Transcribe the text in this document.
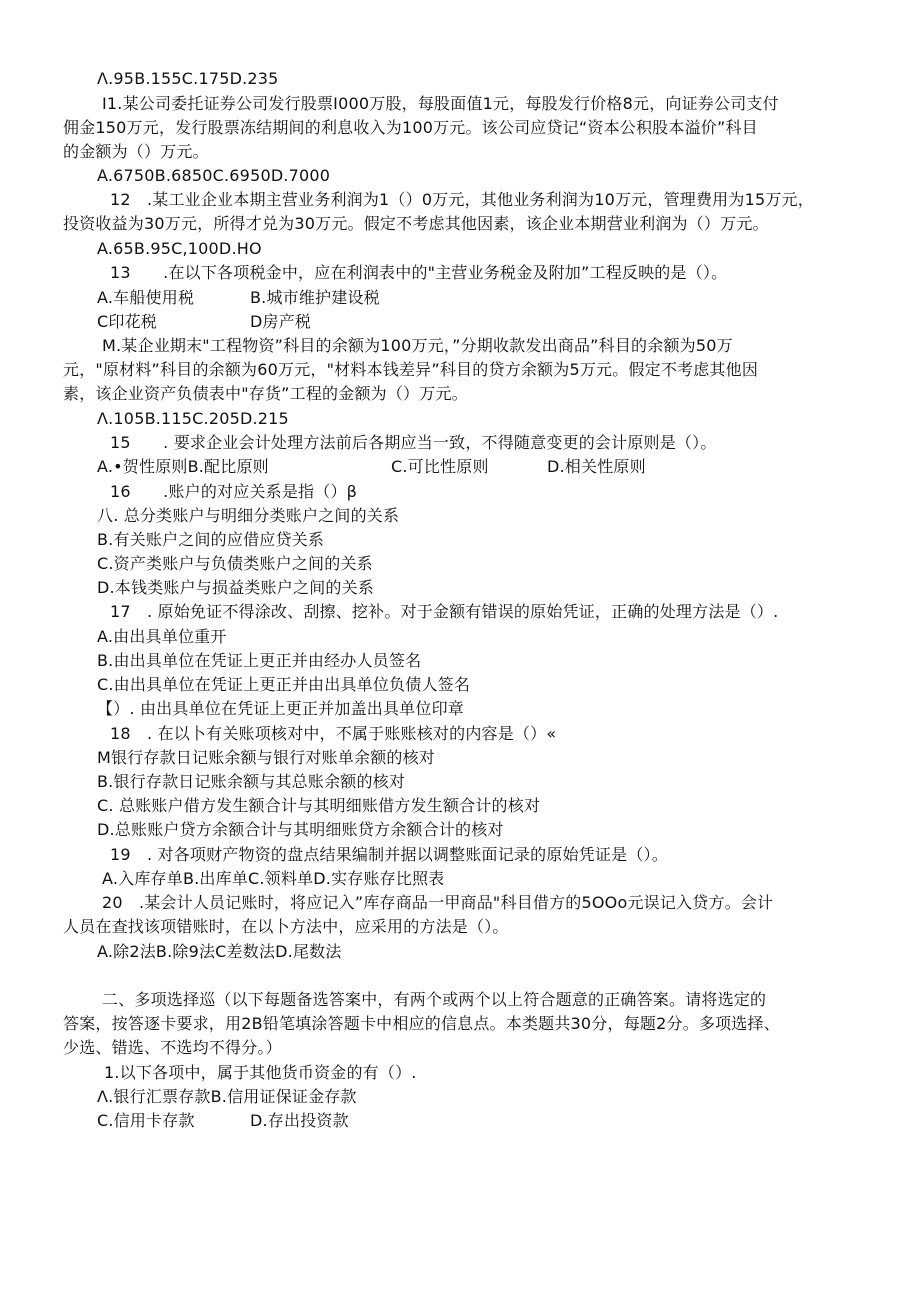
Λ.95B.155C.175D.235
I1.某公司委托证券公司发行股票I000万股，每股面值1元，每股发行价格8元，向证券公司支付
佣金150万元，发行股票冻结期间的利息收入为100万元。该公司应贷记“资本公积股本溢价”科目
的金额为（）万元。
A.6750B.6850C.6950D.7000
12　.某工业企业本期主营业务利润为1（）0万元，其他业务利润为10万元，管理费用为15万元，
投资收益为30万元，所得才兑为30万元。假定不考虑其他因素，该企业本期营业利润为（）万元。
A.65B.95C,100D.HO
13　　.在以下各项税金中，应在利润表中的"主营业务税金及附加”工程反映的是（）。
A.车船使用税	B.城市维护建设税
C印花税	D房产税
M.某企业期末"工程物资”科目的余额为100万元，”分期收款发出商品”科目的余额为50万
元，"原材料”科目的余额为60万元，"材料本钱差异”科目的贷方余额为5万元。假定不考虑其他因
素，该企业资产负债表中"存货”工程的金额为（）万元。
Λ.105B.115C.205D.215
15　　. 要求企业会计处理方法前后各期应当一致，不得随意变更的会计原则是（）。
A.•贺性原则B.配比原则	C.可比性原则	D.相关性原则
16　　.账户的对应关系是指（）β
八. 总分类账户与明细分类账户之间的关系
B.有关账户之间的应借应贷关系
C.资产类账户与负债类账户之间的关系
D.本钱类账户与损益类账户之间的关系
17　. 原始免证不得涂改、刮擦、挖补。对于金额有错误的原始凭证，正确的处理方法是（）.
A.由出具单位重开
B.由出具单位在凭证上更正并由经办人员签名
C.由出具单位在凭证上更正并由出具单位负债人签名
【）. 由出具单位在凭证上更正并加盖出具单位印章
18　. 在以卜有关账项核对中，不属于账账核对的内容是（）«
M银行存款日记账余额与银行对账单余额的核对
B.银行存款日记账余额与其总账余额的核对
C. 总账账户借方发生额合计与其明细账借方发生额合计的核对
D.总账账户贷方余额合计与其明细账贷方余额合计的核对
19　. 对各项财产物资的盘点结果编制并据以调整账面记录的原始凭证是（）。
A.入库存单B.出库单C.领料单D.实存账存比照表
20　.某会计人员记账时，将应记入”库存商品一甲商品"科目借方的5OOo元误记入贷方。会计
人员在查找该项错账时，在以卜方法中，应采用的方法是（）。
A.除2法B.除9法C差数法D.尾数法
二、多项选择巡（以下每题备选答案中，有两个或两个以上符合题意的正确答案。请将选定的
答案，按答逐卡要求，用2B铅笔填涂答题卡中相应的信息点。本类题共30分，每题2分。多项选择、
少选、错选、不选均不得分。）
1.以下各项中，属于其他货币资金的有（）.
Λ.银行汇票存款B.信用证保证金存款
C.信用卡存款	D.存出投资款
